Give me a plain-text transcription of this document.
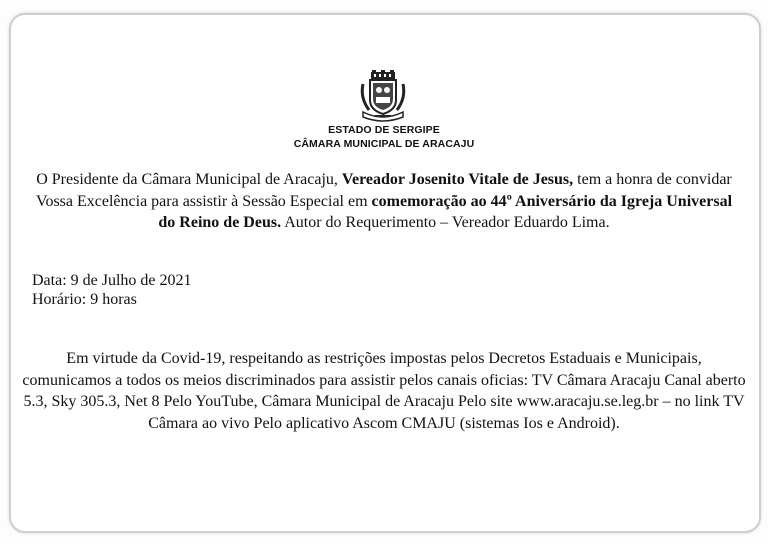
ESTADO DE SERGIPE
CÂMARA MUNICIPAL DE ARACAJU
O Presidente da Câmara Municipal de Aracaju, Vereador Josenito Vitale de Jesus, tem a honra de convidar Vossa Excelência para assistir à Sessão Especial em comemoração ao 44º Aniversário da Igreja Universal do Reino de Deus. Autor do Requerimento – Vereador Eduardo Lima.
Data: 9 de Julho de 2021
Horário: 9 horas
Em virtude da Covid-19, respeitando as restrições impostas pelos Decretos Estaduais e Municipais, comunicamos a todos os meios discriminados para assistir pelos canais oficias: TV Câmara Aracaju Canal aberto 5.3, Sky 305.3, Net 8 Pelo YouTube, Câmara Municipal de Aracaju Pelo site www.aracaju.se.leg.br – no link TV Câmara ao vivo Pelo aplicativo Ascom CMAJU (sistemas Ios e Android).
